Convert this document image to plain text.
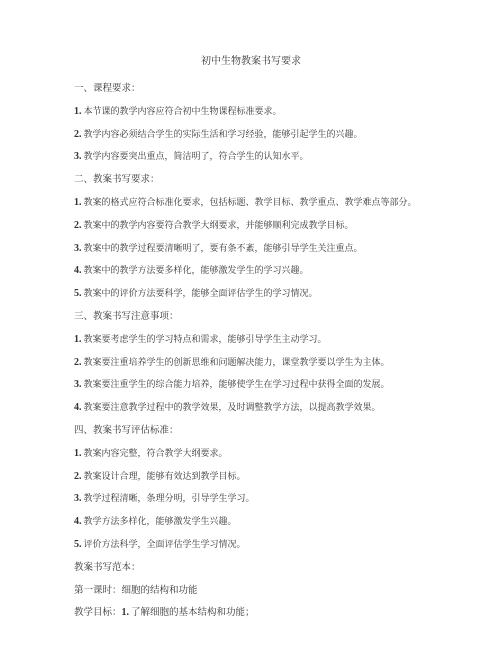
初中生物教案书写要求
一、课程要求：
1. 本节课的教学内容应符合初中生物课程标准要求。
2. 教学内容必须结合学生的实际生活和学习经验，能够引起学生的兴趣。
3. 教学内容要突出重点，简洁明了，符合学生的认知水平。
二、教案书写要求：
1. 教案的格式应符合标准化要求，包括标题、教学目标、教学重点、教学难点等部分。
2. 教案中的教学内容要符合教学大纲要求，并能够顺利完成教学目标。
3. 教案中的教学过程要清晰明了，要有条不紊，能够引导学生关注重点。
4. 教案中的教学方法要多样化，能够激发学生的学习兴趣。
5. 教案中的评价方法要科学，能够全面评估学生的学习情况。
三、教案书写注意事项：
1. 教案要考虑学生的学习特点和需求，能够引导学生主动学习。
2. 教案要注重培养学生的创新思维和问题解决能力，课堂教学要以学生为主体。
3. 教案要注重学生的综合能力培养，能够使学生在学习过程中获得全面的发展。
4. 教案要注意教学过程中的教学效果，及时调整教学方法，以提高教学效果。
四、教案书写评估标准：
1. 教案内容完整，符合教学大纲要求。
2. 教案设计合理，能够有效达到教学目标。
3. 教学过程清晰，条理分明，引导学生学习。
4. 教学方法多样化，能够激发学生兴趣。
5. 评价方法科学，全面评估学生学习情况。
教案书写范本：
第一课时：细胞的结构和功能
教学目标：1. 了解细胞的基本结构和功能；
